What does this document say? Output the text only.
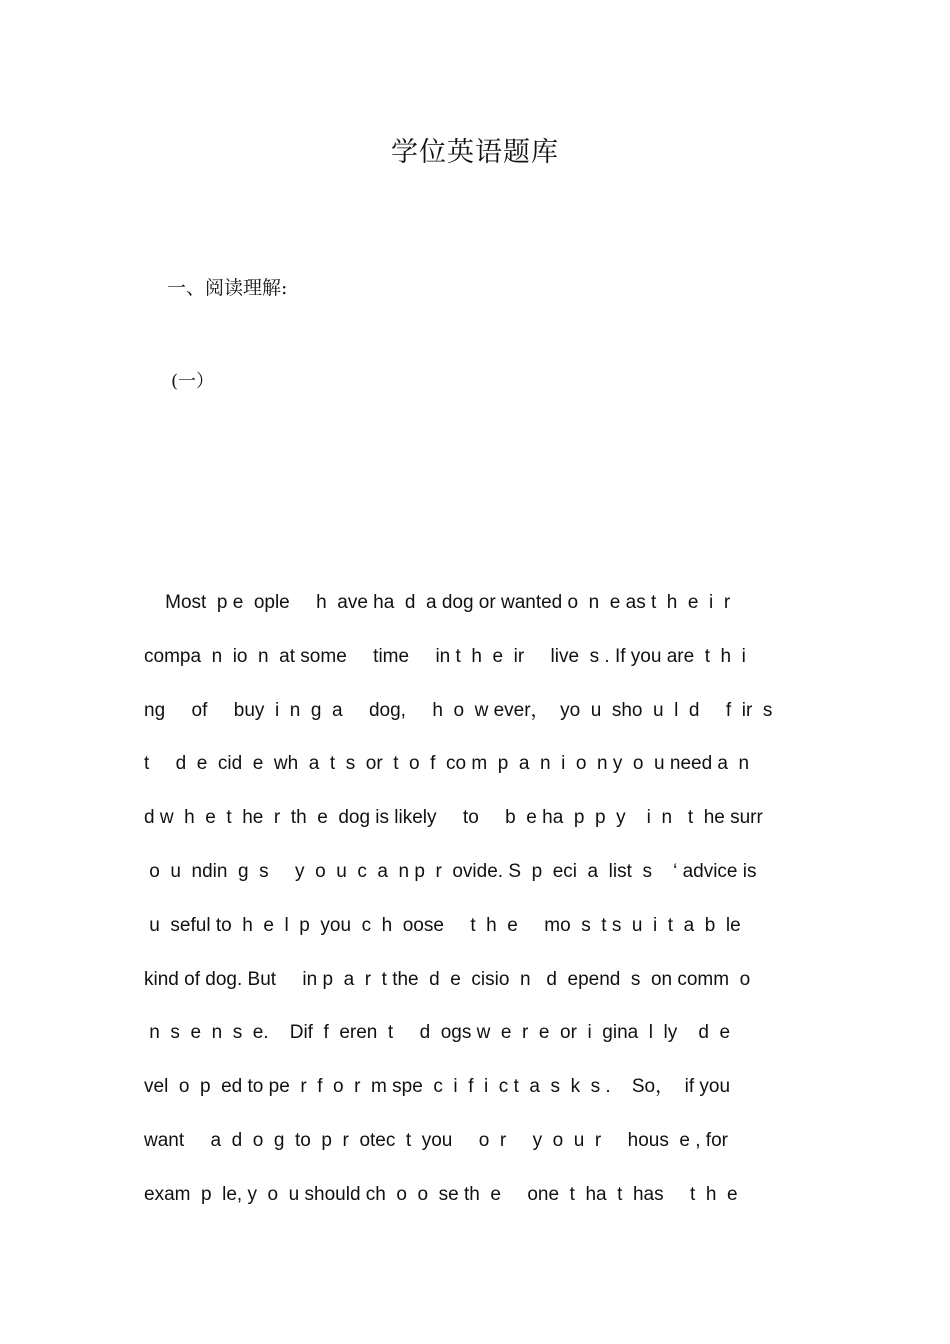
学位英语题库
一、阅读理解:
(一）
Most  p e  ople     h  ave ha  d  a dog or wanted o  n  e as t  h  e  i  r
compa  n  io  n  at some     time     in t  h  e  ir     live  s . If you are  t  h  i
ng     of     buy  i  n  g  a     dog,     h  o  w ever，  yo  u  sho  u  l  d     f  ir  s
t     d  e  cid  e  wh  a  t  s  or  t  o  f  co m  p  a  n  i  o  n y  o  u need a  n
d w  h  e  t  he  r  th  e  dog is likely     to     b  e ha  p  p  y    i  n   t  he surr
o  u  ndin  g  s     y  o  u  c  a  n p  r  ovide. S  p  eci  a  list  s    ‘ advice is
u  seful to  h  e  l  p  you  c  h  oose     t  h  e     mo  s  t s  u  i  t  a  b  le
kind of dog. But     in p  a  r  t the  d  e  cisio  n   d  epend  s  on comm  o
n  s  e  n  s  e.    Dif  f  eren  t     d  ogs w  e  r  e  or  i  gina  l  ly    d  e
vel  o  p  ed to pe  r  f  o  r  m spe  c  i  f  i  c t  a  s  k  s .    So，  if you
want     a  d  o  g  to  p  r  otec  t  you     o  r     y  o  u  r     hous  e , for
exam  p  le, y  o  u should ch  o  o  se th  e     one  t  ha  t  has     t  h  e
